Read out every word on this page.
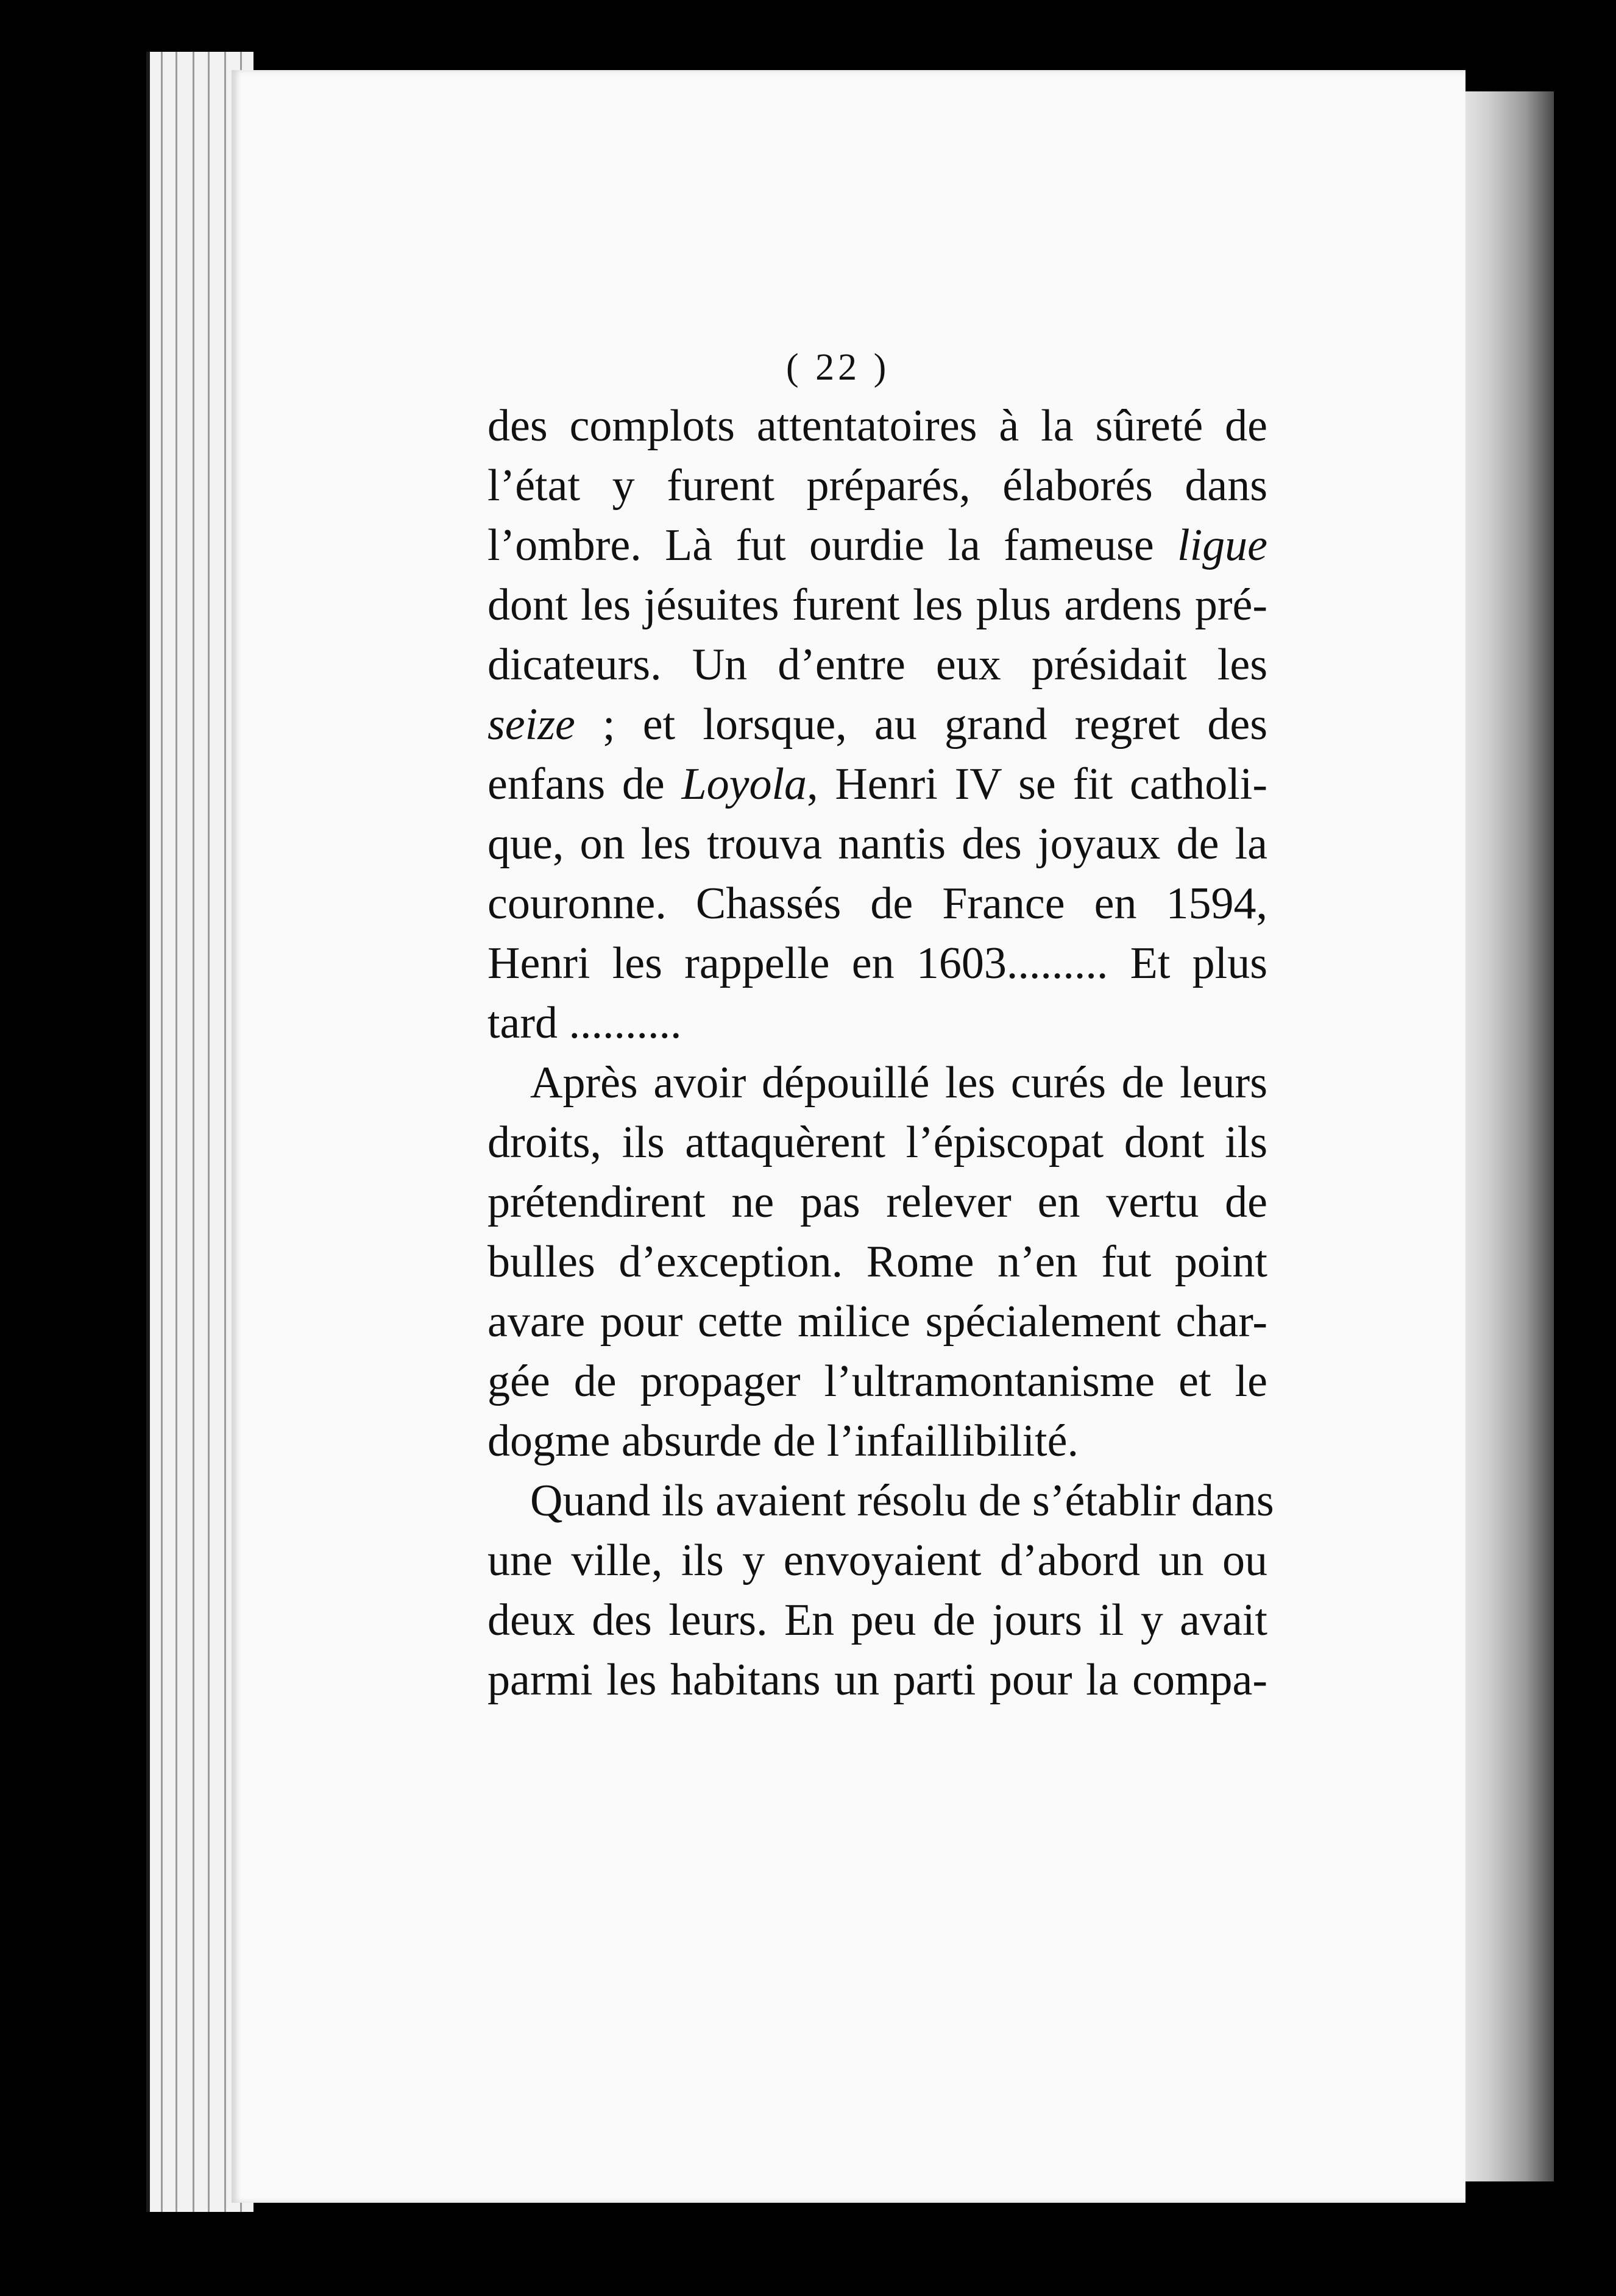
( 22 )
des complots attentatoires à la sûreté de
l’état y furent préparés, élaborés dans
l’ombre. Là fut ourdie la fameuse ligue
dont les jésuites furent les plus ardens pré-
dicateurs. Un d’entre eux présidait les
seize ; et lorsque, au grand regret des
enfans de Loyola, Henri IV se fit catholi-
que, on les trouva nantis des joyaux de la
couronne. Chassés de France en 1594,
Henri les rappelle en 1603......... Et plus
tard ..........
Après avoir dépouillé les curés de leurs
droits, ils attaquèrent l’épiscopat dont ils
prétendirent ne pas relever en vertu de
bulles d’exception. Rome n’en fut point
avare pour cette milice spécialement char-
gée de propager l’ultramontanisme et le
dogme absurde de l’infaillibilité.
Quand ils avaient résolu de s’établir dans
une ville, ils y envoyaient d’abord un ou
deux des leurs. En peu de jours il y avait
parmi les habitans un parti pour la compa-
